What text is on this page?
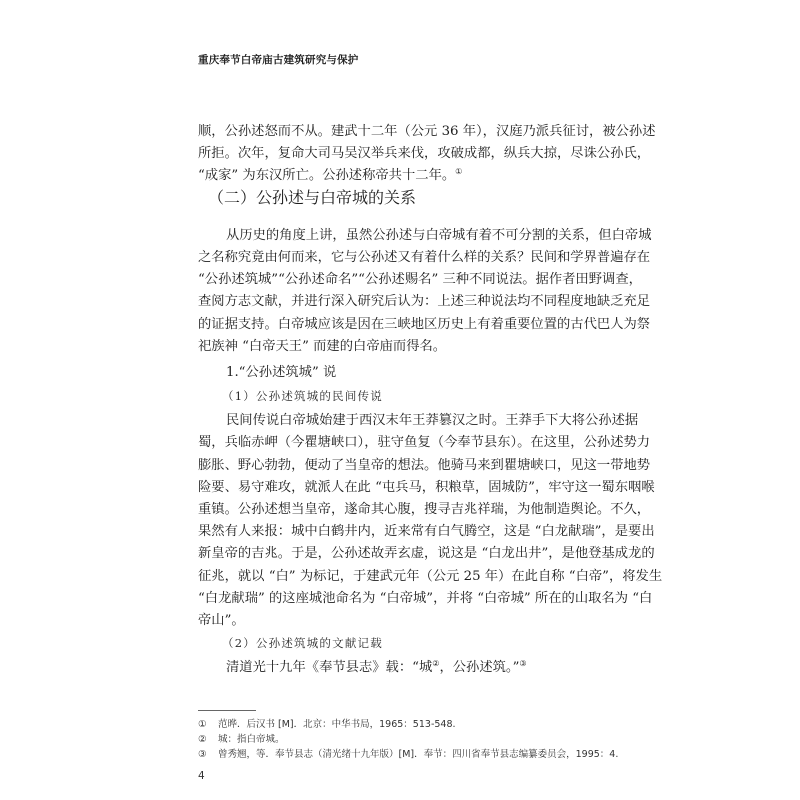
重庆奉节白帝庙古建筑研究与保护
顺，公孙述怒而不从。建武十二年（公元 36 年），汉庭乃派兵征讨，被公孙述
所拒。次年，复命大司马吴汉举兵来伐，攻破成都，纵兵大掠，尽诛公孙氏，
“成家” 为东汉所亡。公孙述称帝共十二年。①
（二）公孙述与白帝城的关系
从历史的角度上讲，虽然公孙述与白帝城有着不可分割的关系，但白帝城
之名称究竟由何而来，它与公孙述又有着什么样的关系？民间和学界普遍存在
“公孙述筑城”“公孙述命名”“公孙述赐名” 三种不同说法。据作者田野调查，
查阅方志文献，并进行深入研究后认为：上述三种说法均不同程度地缺乏充足
的证据支持。白帝城应该是因在三峡地区历史上有着重要位置的古代巴人为祭
祀族神 “白帝天王” 而建的白帝庙而得名。
1.“公孙述筑城” 说
（1）公孙述筑城的民间传说
民间传说白帝城始建于西汉末年王莽篡汉之时。王莽手下大将公孙述据
蜀，兵临赤岬（今瞿塘峡口），驻守鱼复（今奉节县东）。在这里，公孙述势力
膨胀、野心勃勃，便动了当皇帝的想法。他骑马来到瞿塘峡口，见这一带地势
险要、易守难攻，就派人在此 “屯兵马，积粮草，固城防”，牢守这一蜀东咽喉
重镇。公孙述想当皇帝，遂命其心腹，搜寻吉兆祥瑞，为他制造舆论。不久，
果然有人来报：城中白鹤井内，近来常有白气腾空，这是 “白龙献瑞”，是要出
新皇帝的吉兆。于是，公孙述故弄玄虚，说这是 “白龙出井”，是他登基成龙的
征兆，就以 “白” 为标记，于建武元年（公元 25 年）在此自称 “白帝”，将发生
“白龙献瑞” 的这座城池命名为 “白帝城”，并将 “白帝城” 所在的山取名为 “白
帝山”。
（2）公孙述筑城的文献记载
清道光十九年《奉节县志》载：“城②，公孙述筑。”③
① 范晔．后汉书 [M]．北京：中华书局，1965：513-548.
② 城：指白帝城。
③ 曾秀翘，等．奉节县志（清光绪十九年版）[M]．奉节：四川省奉节县志编纂委员会，1995：4.
4
